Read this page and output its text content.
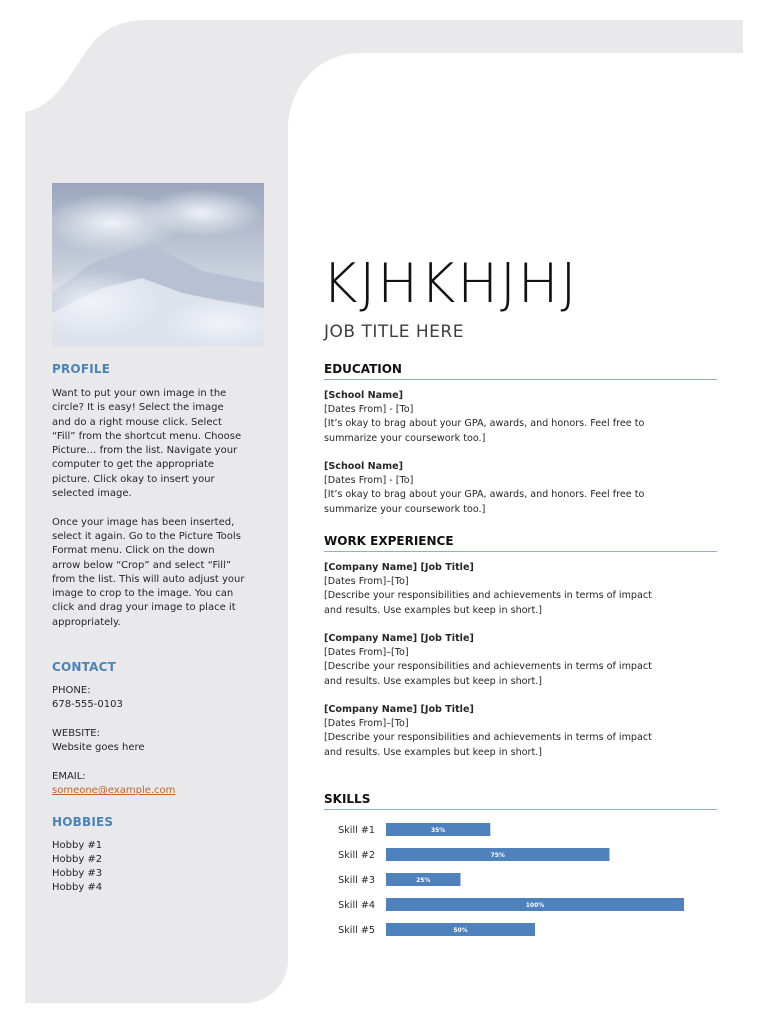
PROFILE
Want to put your own image in the
circle? It is easy! Select the image
and do a right mouse click. Select
“Fill” from the shortcut menu. Choose
Picture… from the list. Navigate your
computer to get the appropriate
picture. Click okay to insert your
selected image.
Once your image has been inserted,
select it again. Go to the Picture Tools
Format menu. Click on the down
arrow below “Crop” and select “Fill”
from the list. This will auto adjust your
image to crop to the image. You can
click and drag your image to place it
appropriately.
CONTACT
PHONE:
678-555-0103
WEBSITE:
Website goes here
EMAIL:
someone@example.com
HOBBIES
Hobby #1
Hobby #2
Hobby #3
Hobby #4
KJHKHJHJ
JOB TITLE HERE
EDUCATION
[School Name]
[Dates From] - [To]
[It’s okay to brag about your GPA, awards, and honors. Feel free to
summarize your coursework too.]
[School Name]
[Dates From] - [To]
[It’s okay to brag about your GPA, awards, and honors. Feel free to
summarize your coursework too.]
WORK EXPERIENCE
[Company Name] [Job Title]
[Dates From]–[To]
[Describe your responsibilities and achievements in terms of impact
and results. Use examples but keep in short.]
[Company Name] [Job Title]
[Dates From]–[To]
[Describe your responsibilities and achievements in terms of impact
and results. Use examples but keep in short.]
[Company Name] [Job Title]
[Dates From]–[To]
[Describe your responsibilities and achievements in terms of impact
and results. Use examples but keep in short.]
SKILLS
Skill #1	35%
Skill #2	75%
Skill #3	25%
Skill #4	100%
Skill #5	50%
